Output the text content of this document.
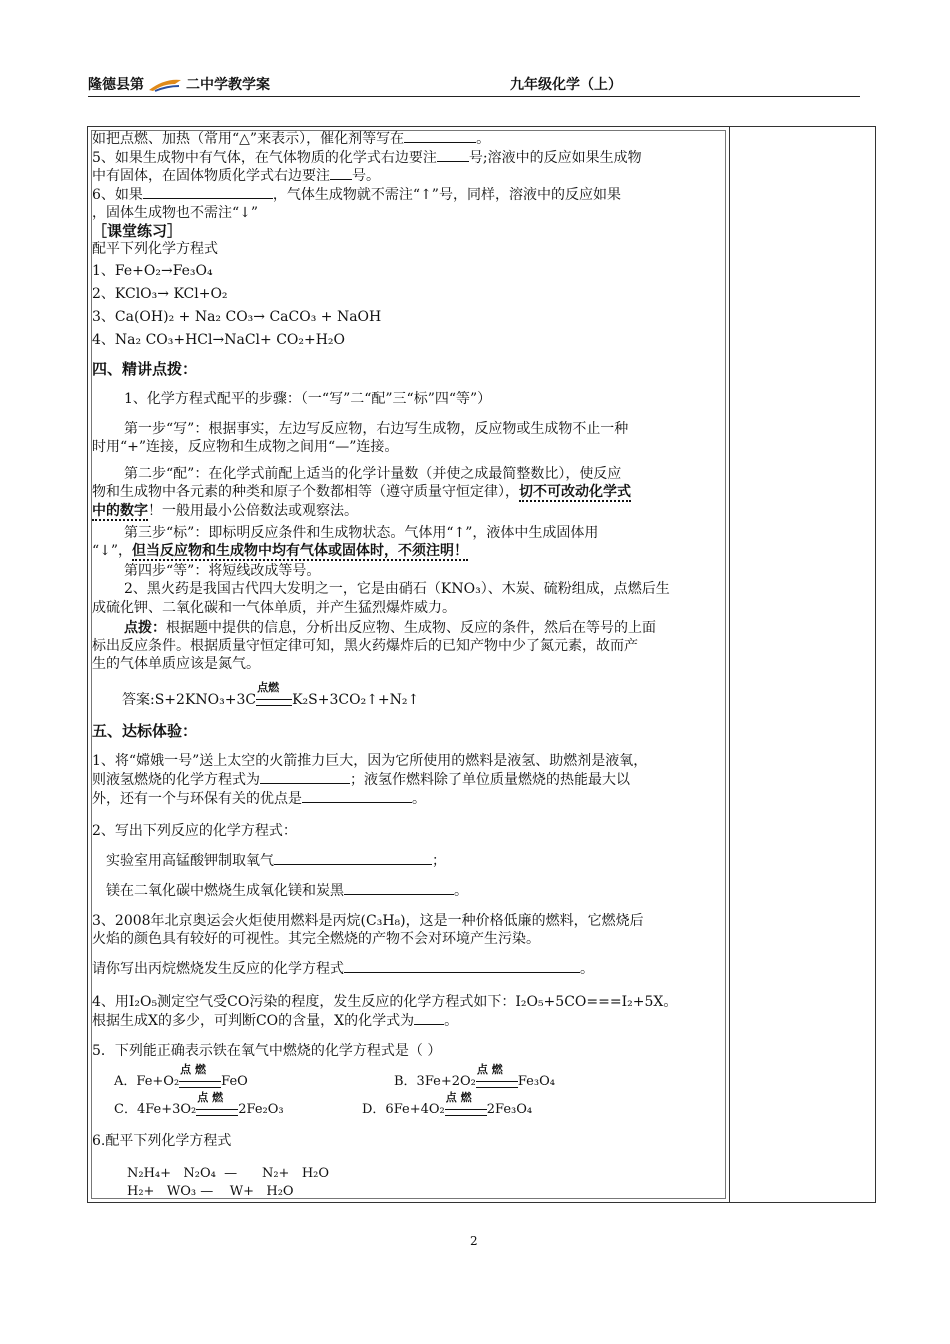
隆德县第	二中学教学案	九年级化学（上）
如把点燃、加热（常用“△”来表示），催化剂等写在	。
5、如果生成物中有气体，在气体物质的化学式右边要注 号;溶液中的反应如果生成物
中有固体，在固体物质化学式右边要注 号。
6、如果	，气体生成物就不需注“↑”号，同样，溶液中的反应如果
，固体生成物也不需注“↓”
［课堂练习］
配平下列化学方程式
1、Fe+O₂→Fe₃O₄
2、KClO₃→ KCl+O₂
3、Ca(OH)₂ + Na₂ CO₃→ CaCO₃ + NaOH
4、Na₂ CO₃+HCl→NaCl+ CO₂+H₂O
四、精讲点拨：
1、化学方程式配平的步骤：（一“写”二“配”三“标”四“等”）
第一步“写”：根据事实，左边写反应物，右边写生成物，反应物或生成物不止一种
时用“+”连接，反应物和生成物之间用“—”连接。
第二步“配”：在化学式前配上适当的化学计量数（并使之成最简整数比），使反应
物和生成物中各元素的种类和原子个数都相等（遵守质量守恒定律），切不可改动化学式
中的数字！一般用最小公倍数法或观察法。
第三步“标”：即标明反应条件和生成物状态。气体用“↑”，液体中生成固体用
“↓”，但当反应物和生成物中均有气体或固体时，不须注明！
第四步“等”：将短线改成等号。
2、黑火药是我国古代四大发明之一，它是由硝石（KNO₃）、木炭、硫粉组成，点燃后生
成硫化钾、二氧化碳和一气体单质，并产生猛烈爆炸威力。
点拨：根据题中提供的信息，分析出反应物、生成物、反应的条件，然后在等号的上面
标出反应条件。根据质量守恒定律可知，黑火药爆炸后的已知产物中少了氮元素，故而产
生的气体单质应该是氮气。
答案:S+2KNO₃+3C
点燃
K₂S+3CO₂↑+N₂↑
五、达标体验：
1、将“嫦娥一号”送上太空的火箭推力巨大，因为它所使用的燃料是液氢、助燃剂是液氧，
则液氢燃烧的化学方程式为	；液氢作燃料除了单位质量燃烧的热能最大以
外，还有一个与环保有关的优点是	。
2、写出下列反应的化学方程式：
实验室用高锰酸钾制取氧气	；
镁在二氧化碳中燃烧生成氧化镁和炭黑	。
3、2008年北京奥运会火炬使用燃料是丙烷(C₃H₈)，这是一种价格低廉的燃料，它燃烧后
火焰的颜色具有较好的可视性。其完全燃烧的产物不会对环境产生污染。
请你写出丙烷燃烧发生反应的化学方程式	。
4、用I₂O₅测定空气受CO污染的程度，发生反应的化学方程式如下：I₂O₅+5CO===I₂+5X。
根据生成X的多少，可判断CO的含量，X的化学式为 。
5．下列能正确表示铁在氧气中燃烧的化学方程式是（ ）
A．Fe+O₂
点 燃
FeO	B．3Fe+2O₂
点 燃
Fe₃O₄
C．4Fe+3O₂
点 燃
2Fe₂O₃	D．6Fe+4O₂
点 燃
2Fe₃O₄
6.配平下列化学方程式
N₂H₄+   N₂O₄  —      N₂+   H₂O
H₂+   WO₃ —    W+   H₂O
2
